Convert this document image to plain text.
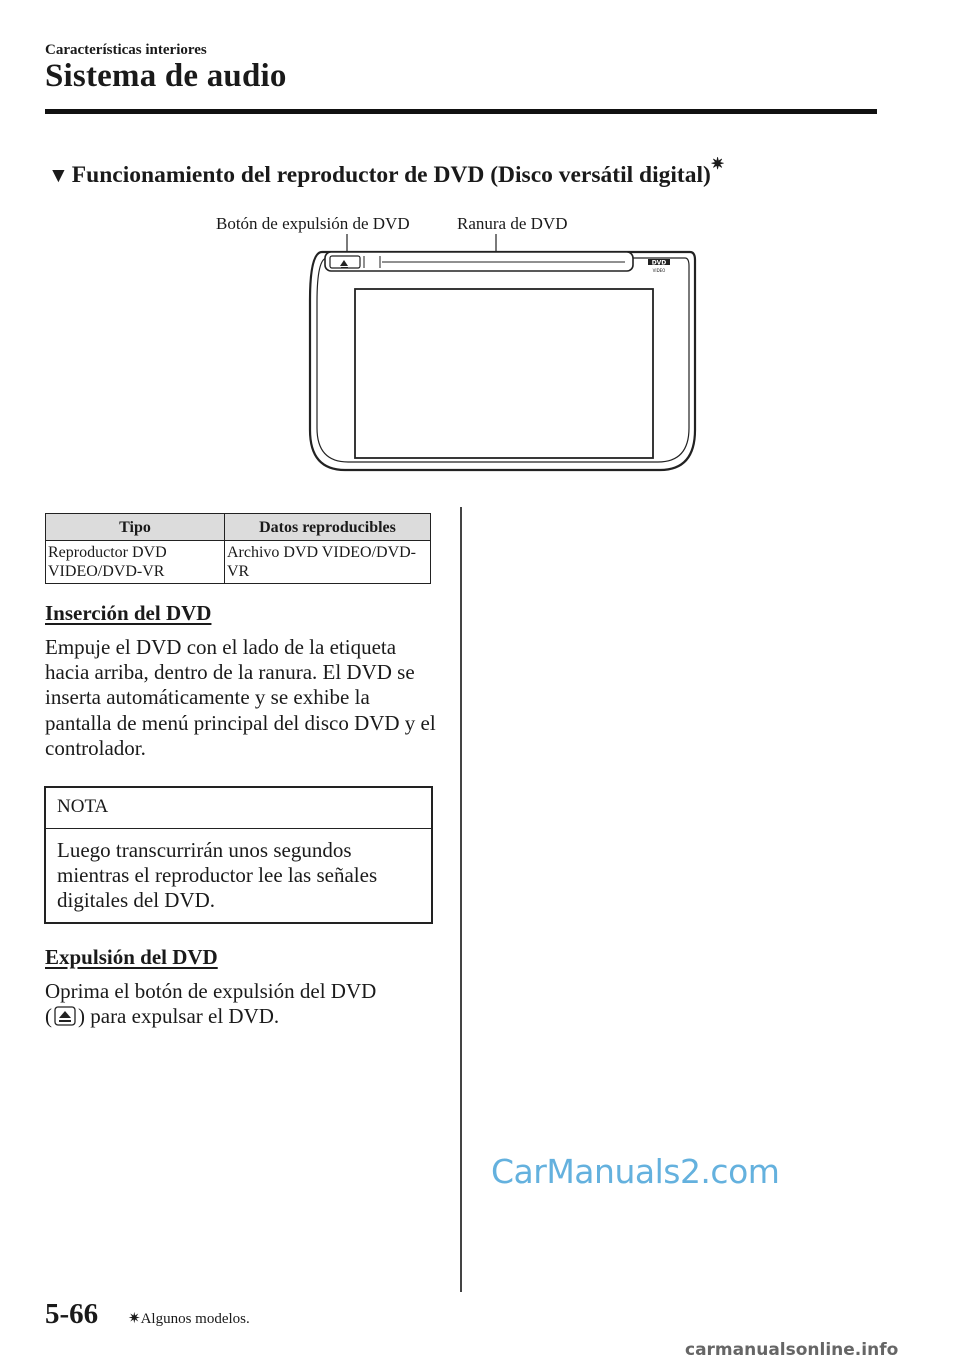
Características interiores
Sistema de audio
▼ Funcionamiento del reproductor de DVD (Disco versátil digital)✷
Botón de expulsión de DVD	Ranura de DVD
DVD
VIDEO
Tipo	Datos reproducibles
Reproductor DVD VIDEO/DVD-VR	Archivo DVD VIDEO/DVD-VR
Inserción del DVD
Empuje el DVD con el lado de la etiqueta hacia arriba, dentro de la ranura. El DVD se inserta automáticamente y se exhibe la pantalla de menú principal del disco DVD y el controlador.
NOTA
Luego transcurrirán unos segundos mientras el reproductor lee las señales digitales del DVD.
Expulsión del DVD
Oprima el botón de expulsión del DVD
( ) para expulsar el DVD.
CarManuals2.com
5-66 ✷Algunos modelos.
carmanualsonline.info
